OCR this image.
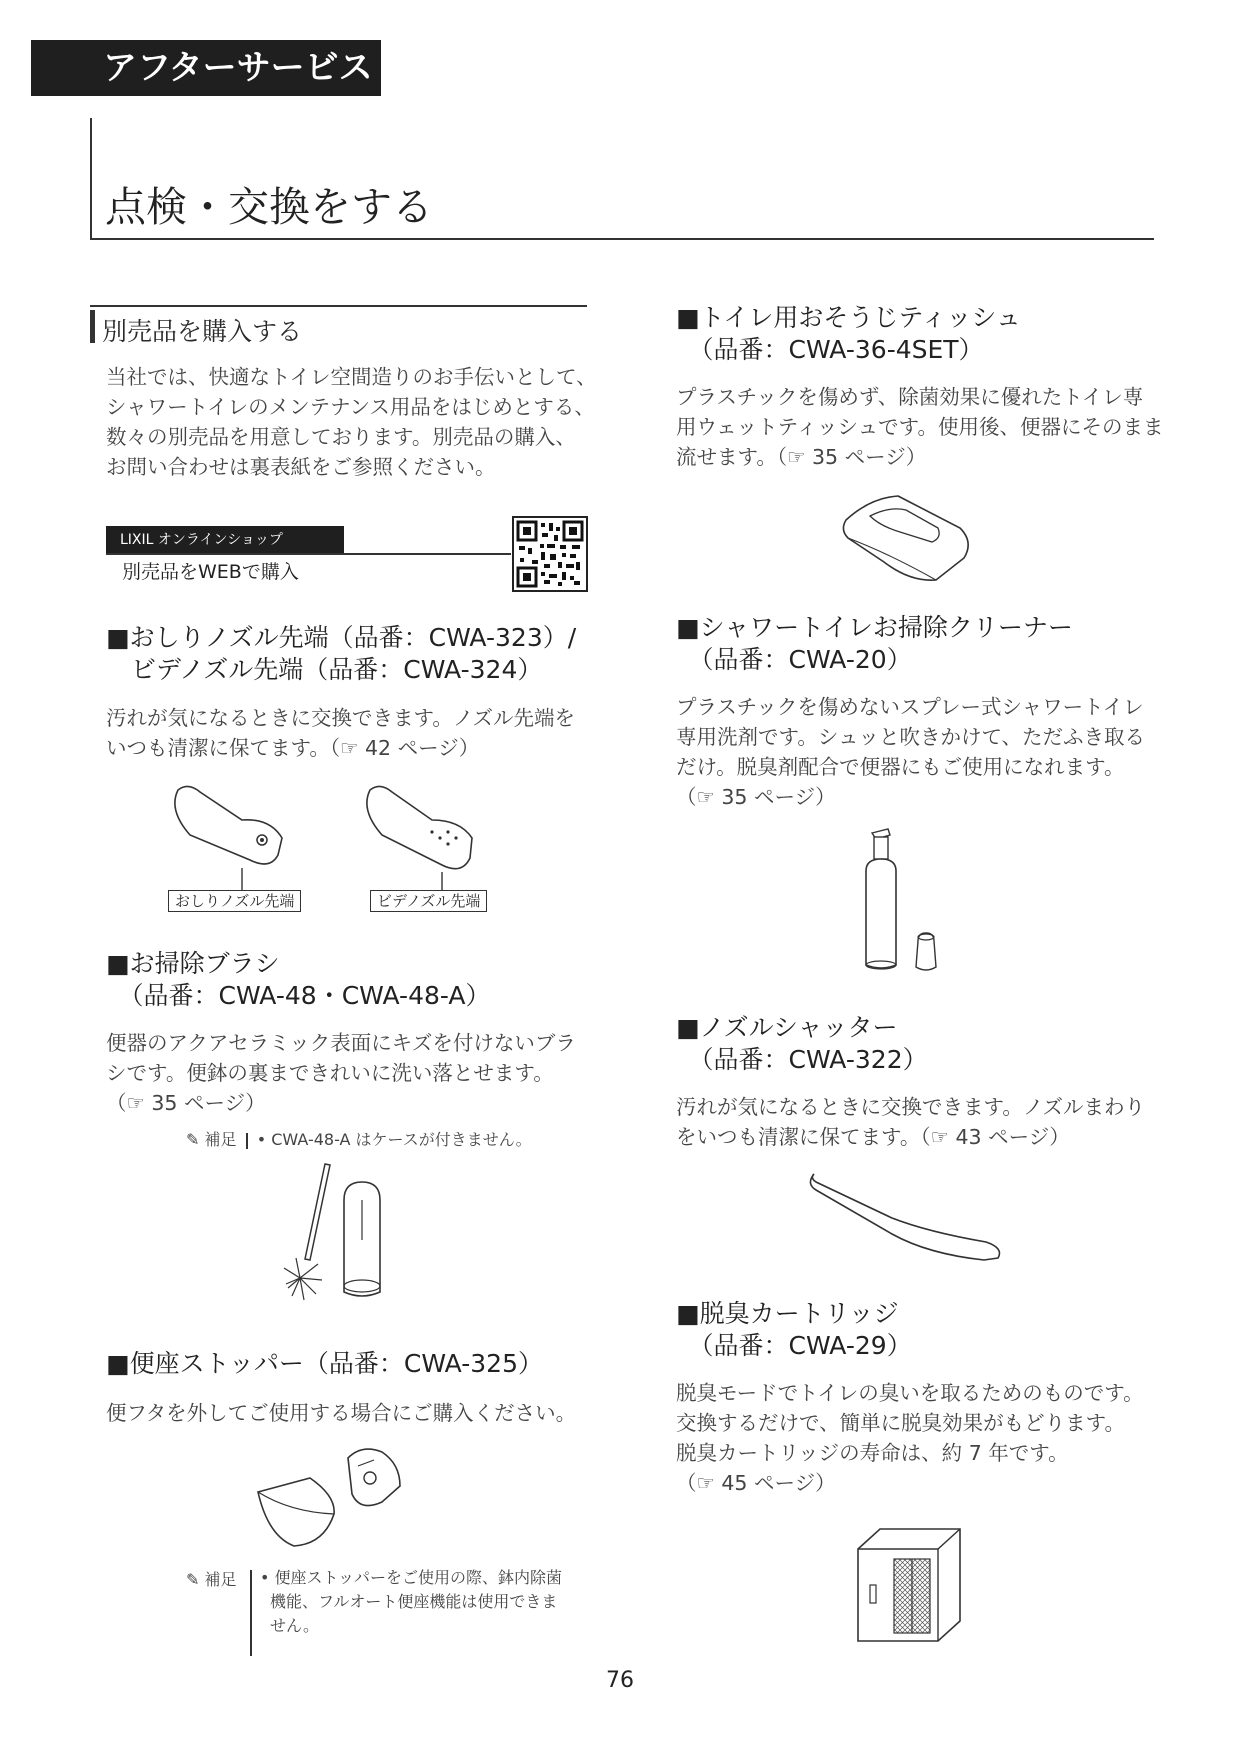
アフターサービス
点検・交換をする
別売品を購入する
当社では、快適なトイレ空間造りのお手伝いとして、
シャワートイレのメンテナンス用品をはじめとする、
数々の別売品を用意しております。別売品の購入、
お問い合わせは裏表紙をご参照ください。
LIXIL オンラインショップ
別売品をWEBで購入
■おしりノズル先端（品番：CWA-323）/
　ビデノズル先端（品番：CWA-324）
汚れが気になるときに交換できます。ノズル先端を
いつも清潔に保てます。（☞ 42 ページ）
おしりノズル先端	ビデノズル先端
■お掃除ブラシ
　（品番：CWA-48・CWA-48-A）
便器のアクアセラミック表面にキズを付けないブラ
シです。便鉢の裏まできれいに洗い落とせます。
（☞ 35 ページ）
✎ 補足 • CWA-48-A はケースが付きません。
■便座ストッパー（品番：CWA-325）
便フタを外してご使用する場合にご購入ください。
✎ 補足 • 便座ストッパーをご使用の際、鉢内除菌
機能、フルオート便座機能は使用できま
せん。
■トイレ用おそうじティッシュ
　（品番：CWA-36-4SET）
プラスチックを傷めず、除菌効果に優れたトイレ専
用ウェットティッシュです。使用後、便器にそのまま
流せます。（☞ 35 ページ）
■シャワートイレお掃除クリーナー
　（品番：CWA-20）
プラスチックを傷めないスプレー式シャワートイレ
専用洗剤です。シュッと吹きかけて、ただふき取る
だけ。脱臭剤配合で便器にもご使用になれます。
（☞ 35 ページ）
■ノズルシャッター
　（品番：CWA-322）
汚れが気になるときに交換できます。ノズルまわり
をいつも清潔に保てます。（☞ 43 ページ）
■脱臭カートリッジ
　（品番：CWA-29）
脱臭モードでトイレの臭いを取るためのものです。
交換するだけで、簡単に脱臭効果がもどります。
脱臭カートリッジの寿命は、約 7 年です。
（☞ 45 ページ）
76
